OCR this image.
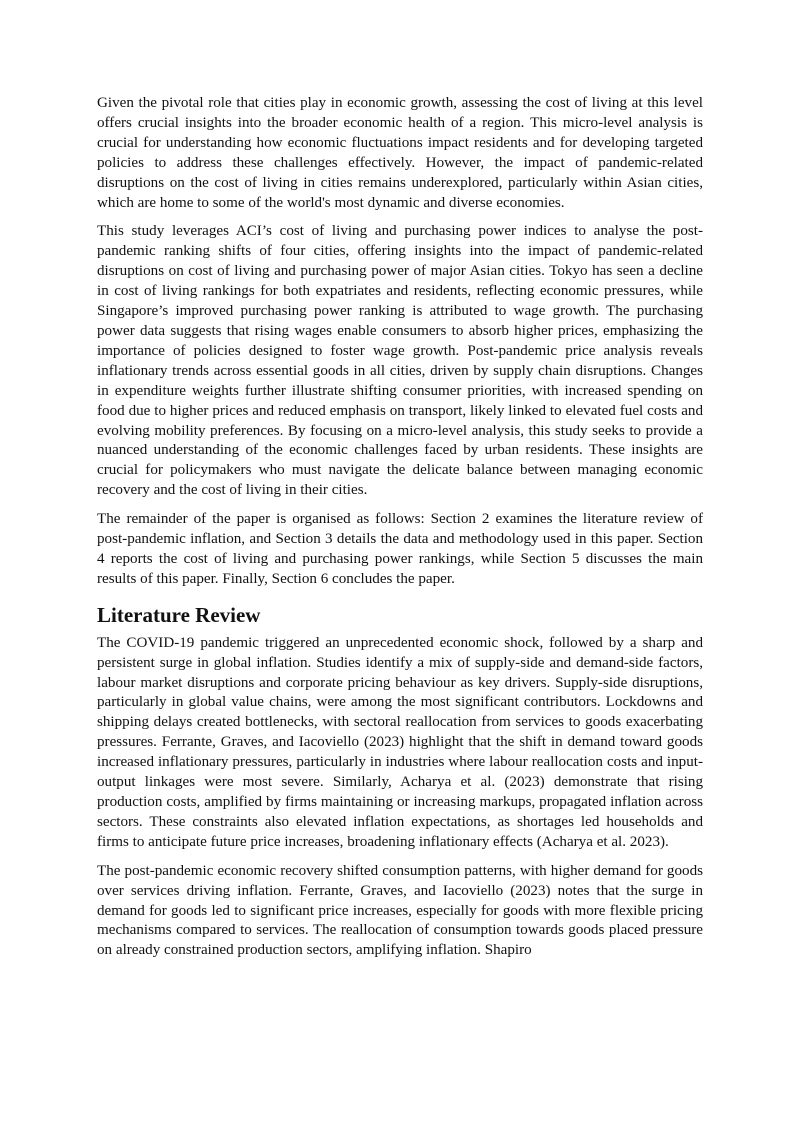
Given the pivotal role that cities play in economic growth, assessing the cost of living at this level offers crucial insights into the broader economic health of a region. This micro-level analysis is crucial for understanding how economic fluctuations impact residents and for developing targeted policies to address these challenges effectively. However, the impact of pandemic-related disruptions on the cost of living in cities remains underexplored, particularly within Asian cities, which are home to some of the world's most dynamic and diverse economies.

This study leverages ACI’s cost of living and purchasing power indices to analyse the post-pandemic ranking shifts of four cities, offering insights into the impact of pandemic-related disruptions on cost of living and purchasing power of major Asian cities. Tokyo has seen a decline in cost of living rankings for both expatriates and residents, reflecting economic pressures, while Singapore’s improved purchasing power ranking is attributed to wage growth. The purchasing power data suggests that rising wages enable consumers to absorb higher prices, emphasizing the importance of policies designed to foster wage growth. Post-pandemic price analysis reveals inflationary trends across essential goods in all cities, driven by supply chain disruptions. Changes in expenditure weights further illustrate shifting consumer priorities, with increased spending on food due to higher prices and reduced emphasis on transport, likely linked to elevated fuel costs and evolving mobility preferences. By focusing on a micro-level analysis, this study seeks to provide a nuanced understanding of the economic challenges faced by urban residents. These insights are crucial for policymakers who must navigate the delicate balance between managing economic recovery and the cost of living in their cities.

The remainder of the paper is organised as follows: Section 2 examines the literature review of post-pandemic inflation, and Section 3 details the data and methodology used in this paper. Section 4 reports the cost of living and purchasing power rankings, while Section 5 discusses the main results of this paper. Finally, Section 6 concludes the paper.

Literature Review

The COVID-19 pandemic triggered an unprecedented economic shock, followed by a sharp and persistent surge in global inflation. Studies identify a mix of supply-side and demand-side factors, labour market disruptions and corporate pricing behaviour as key drivers. Supply-side disruptions, particularly in global value chains, were among the most significant contributors. Lockdowns and shipping delays created bottlenecks, with sectoral reallocation from services to goods exacerbating pressures. Ferrante, Graves, and Iacoviello (2023) highlight that the shift in demand toward goods increased inflationary pressures, particularly in industries where labour reallocation costs and input-output linkages were most severe. Similarly, Acharya et al. (2023) demonstrate that rising production costs, amplified by firms maintaining or increasing markups, propagated inflation across sectors. These constraints also elevated inflation expectations, as shortages led households and firms to anticipate future price increases, broadening inflationary effects (Acharya et al. 2023).

The post-pandemic economic recovery shifted consumption patterns, with higher demand for goods over services driving inflation. Ferrante, Graves, and Iacoviello (2023) notes that the surge in demand for goods led to significant price increases, especially for goods with more flexible pricing mechanisms compared to services. The reallocation of consumption towards goods placed pressure on already constrained production sectors, amplifying inflation. Shapiro
